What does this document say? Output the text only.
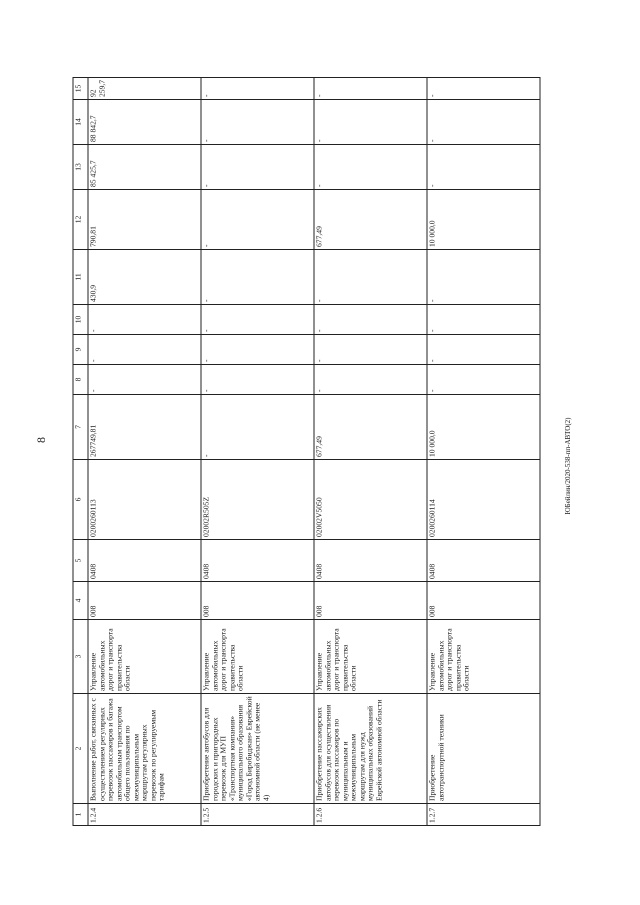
8	ЮБейлин/2020-538-пп-АВТО(2)
1	2	3	4	5	6	7	8	9	10	11	12	13	14	15
1.2.4	Выполнение работ, связанных с осуществлением регулярных перевозок пассажиров и багажа автомобильным транспортом общего пользования по межмуниципальным маршрутам регулярных перевозок по регулируемым тарифам	Управление автомобильных дорог и транспорта правительства области	008	0408	0200260113	267749,81	-	-	-	430,9	790,81	85 425,7	88 842,7	92 259,7
1.2.5	Приобретение автобусов для городских и пригородных перевозок для МУП «Транспортная компания» муниципального образования «Город Биробиджан» Еврейской автономной области (не менее 4)	Управление автомобильных дорог и транспорта правительства области	008	0408	02002R505Z	-	-	-	-	-	-	-	-	-
1.2.6	Приобретение пассажирских автобусов для осуществления перевозок пассажиров по муниципальным и межмуниципальным маршрутам для нужд муниципальных образований Еврейской автономной области	Управление автомобильных дорог и транспорта правительства области	008	0408	02002V5050	677,49	-	-	-	-	677,49	-	-	-
1.2.7	Приобретение автотранспортной техники	Управление автомобильных дорог и транспорта правительства области	008	0408	0200260114	10 000,0	-	-	-	-	10 000,0	-	-	-
